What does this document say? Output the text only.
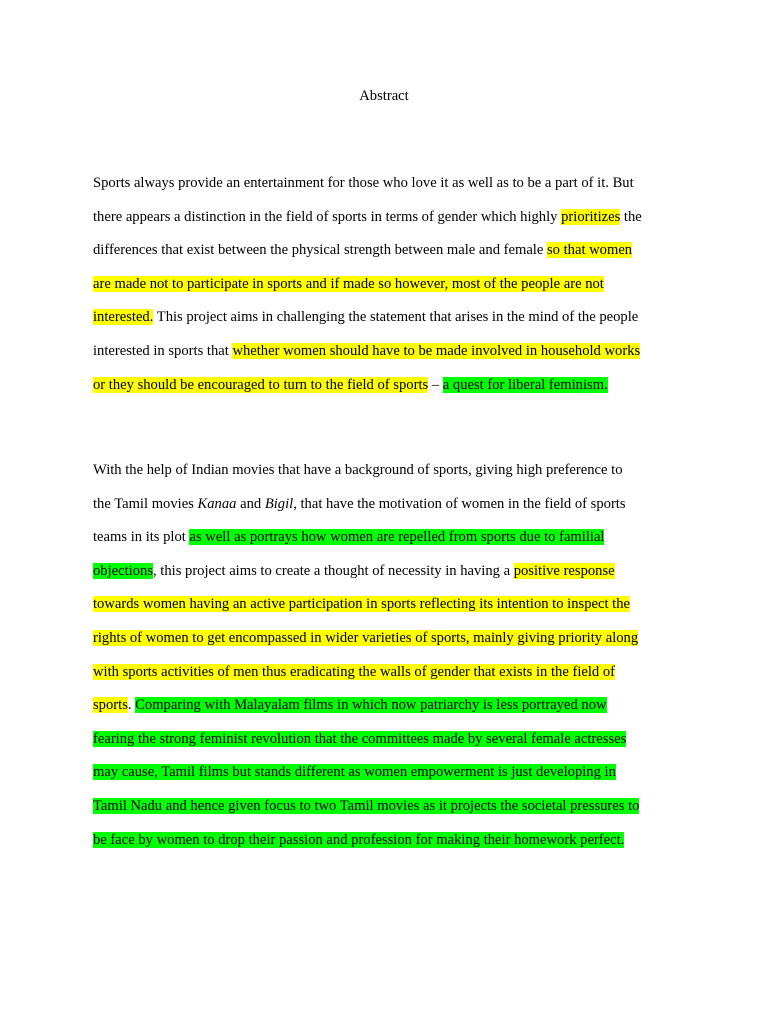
Abstract
Sports always provide an entertainment for those who love it as well as to be a part of it. But
there appears a distinction in the field of sports in terms of gender which highly prioritizes the
differences that exist between the physical strength between male and female so that women
are made not to participate in sports and if made so however, most of the people are not
interested. This project aims in challenging the statement that arises in the mind of the people
interested in sports that whether women should have to be made involved in household works
or they should be encouraged to turn to the field of sports – a quest for liberal feminism.
With the help of Indian movies that have a background of sports, giving high preference to
the Tamil movies Kanaa and Bigil, that have the motivation of women in the field of sports
teams in its plot as well as portrays how women are repelled from sports due to familial
objections, this project aims to create a thought of necessity in having a positive response
towards women having an active participation in sports reflecting its intention to inspect the
rights of women to get encompassed in wider varieties of sports, mainly giving priority along
with sports activities of men thus eradicating the walls of gender that exists in the field of
sports. Comparing with Malayalam films in which now patriarchy is less portrayed now
fearing the strong feminist revolution that the committees made by several female actresses
may cause, Tamil films but stands different as women empowerment is just developing in
Tamil Nadu and hence given focus to two Tamil movies as it projects the societal pressures to
be face by women to drop their passion and profession for making their homework perfect.
